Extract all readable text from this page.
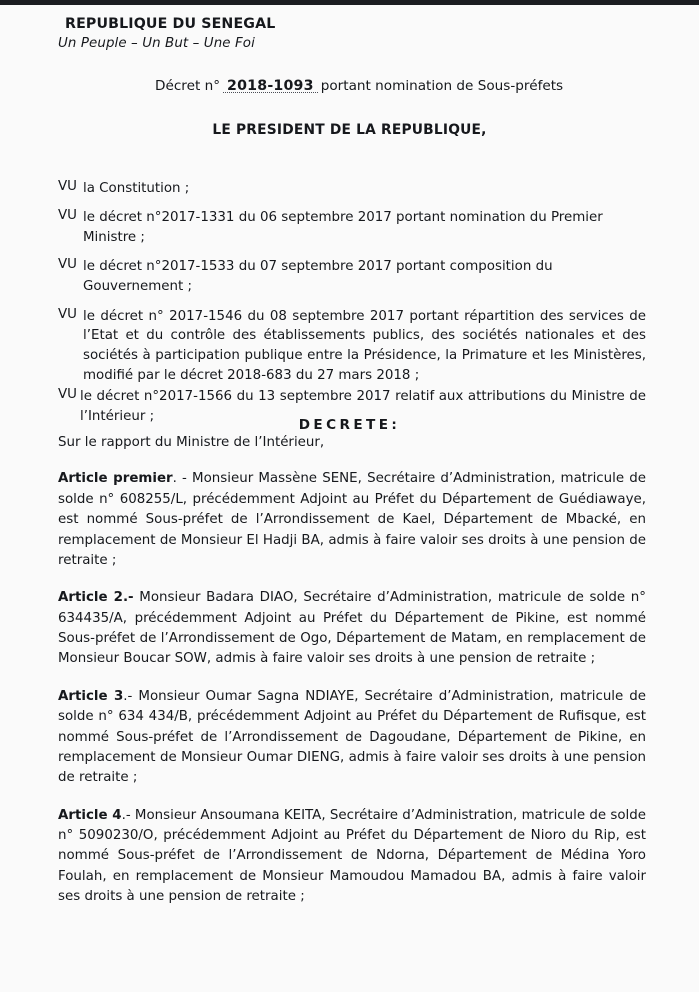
REPUBLIQUE DU SENEGAL
Un Peuple – Un But – Une Foi
Décret n° 2018-1093 portant nomination de Sous-préfets
LE PRESIDENT DE LA REPUBLIQUE,
VU la Constitution ;
VU le décret n°2017-1331 du 06 septembre 2017 portant nomination du Premier Ministre ;
VU le décret n°2017-1533 du 07 septembre 2017 portant composition du Gouvernement ;
VU le décret n° 2017-1546 du 08 septembre 2017 portant répartition des services de l’Etat et du contrôle des établissements publics, des sociétés nationales et des sociétés à participation publique entre la Présidence, la Primature et les Ministères, modifié par le décret 2018-683 du 27 mars 2018 ;
VU le décret n°2017-1566 du 13 septembre 2017 relatif aux attributions du Ministre de l’Intérieur ;
Sur le rapport du Ministre de l’Intérieur,
DECRETE:

Article premier. - Monsieur Massène SENE, Secrétaire d’Administration, matricule de solde n° 608255/L, précédemment Adjoint au Préfet du Département de Guédiawaye, est nommé Sous-préfet de l’Arrondissement de Kael, Département de Mbacké, en remplacement de Monsieur El Hadji BA, admis à faire valoir ses droits à une pension de retraite ;

Article 2.- Monsieur Badara DIAO, Secrétaire d’Administration, matricule de solde n° 634435/A, précédemment Adjoint au Préfet du Département de Pikine, est nommé Sous-préfet de l’Arrondissement de Ogo, Département de Matam, en remplacement de Monsieur Boucar SOW, admis à faire valoir ses droits à une pension de retraite ;

Article 3.- Monsieur Oumar Sagna NDIAYE, Secrétaire d’Administration, matricule de solde n° 634 434/B, précédemment Adjoint au Préfet du Département de Rufisque, est nommé Sous-préfet de l’Arrondissement de Dagoudane, Département de Pikine, en remplacement de Monsieur Oumar DIENG, admis à faire valoir ses droits à une pension de retraite ;

Article 4.- Monsieur Ansoumana KEITA, Secrétaire d’Administration, matricule de solde n° 5090230/O, précédemment Adjoint au Préfet du Département de Nioro du Rip, est nommé Sous-préfet de l’Arrondissement de Ndorna, Département de Médina Yoro Foulah, en remplacement de Monsieur Mamoudou Mamadou BA, admis à faire valoir ses droits à une pension de retraite ;
